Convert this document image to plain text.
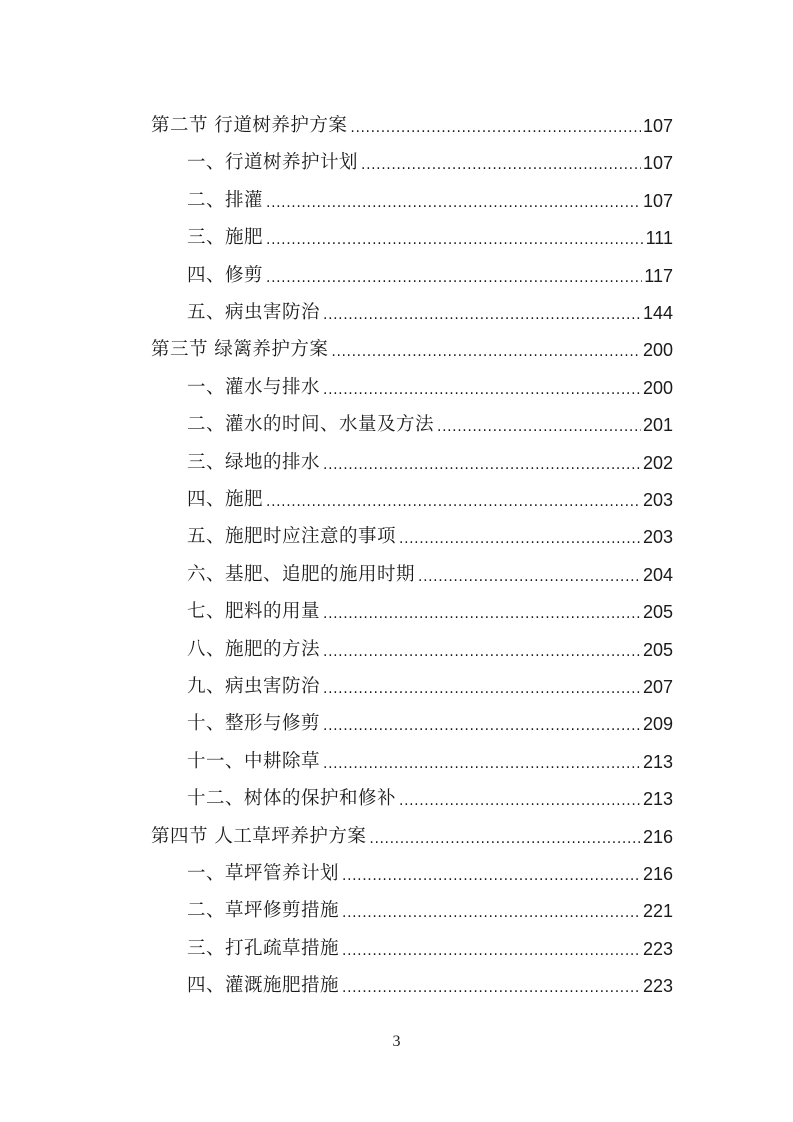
第二节 行道树养护方案 .....	107
一、行道树养护计划 .....	107
二、排灌 .....	107
三、施肥 .....	111
四、修剪 .....	117
五、病虫害防治 .....	144
第三节 绿篱养护方案 .....	200
一、灌水与排水 .....	200
二、灌水的时间、水量及方法 .....	201
三、绿地的排水 .....	202
四、施肥 .....	203
五、施肥时应注意的事项 .....	203
六、基肥、追肥的施用时期 .....	204
七、肥料的用量 .....	205
八、施肥的方法 .....	205
九、病虫害防治 .....	207
十、整形与修剪 .....	209
十一、中耕除草 .....	213
十二、树体的保护和修补 .....	213
第四节 人工草坪养护方案 .....	216
一、草坪管养计划 .....	216
二、草坪修剪措施 .....	221
三、打孔疏草措施 .....	223
四、灌溉施肥措施 .....	223
3
